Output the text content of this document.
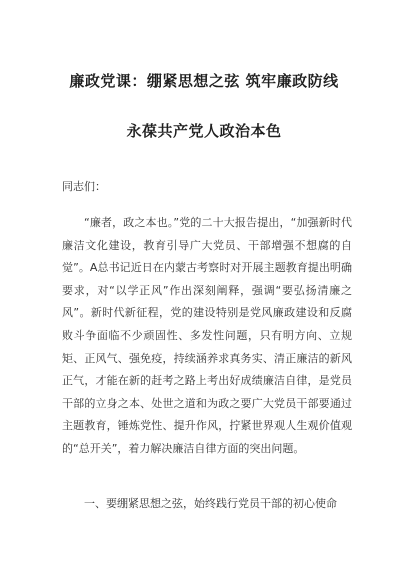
廉政党课：绷紧思想之弦 筑牢廉政防线
永葆共产党人政治本色
同志们：

“廉者，政之本也。”党的二十大报告提出，“加强新时代廉洁文化建设，教育引导广大党员、干部增强不想腐的自觉”。A总书记近日在内蒙古考察时对开展主题教育提出明确要求，对“以学正风”作出深刻阐释，强调“要弘扬清廉之风”。新时代新征程，党的建设特别是党风廉政建设和反腐败斗争面临不少顽固性、多发性问题，只有明方向、立规矩、正风气、强免疫，持续涵养求真务实、清正廉洁的新风正气，才能在新的赶考之路上考出好成绩廉洁自律，是党员干部的立身之本、处世之道和为政之要广大党员干部要通过主题教育，锤炼党性、提升作风，拧紧世界观人生观价值观的“总开关”，着力解决廉洁自律方面的突出问题。

一、要绷紧思想之弦，始终践行党员干部的初心使命
